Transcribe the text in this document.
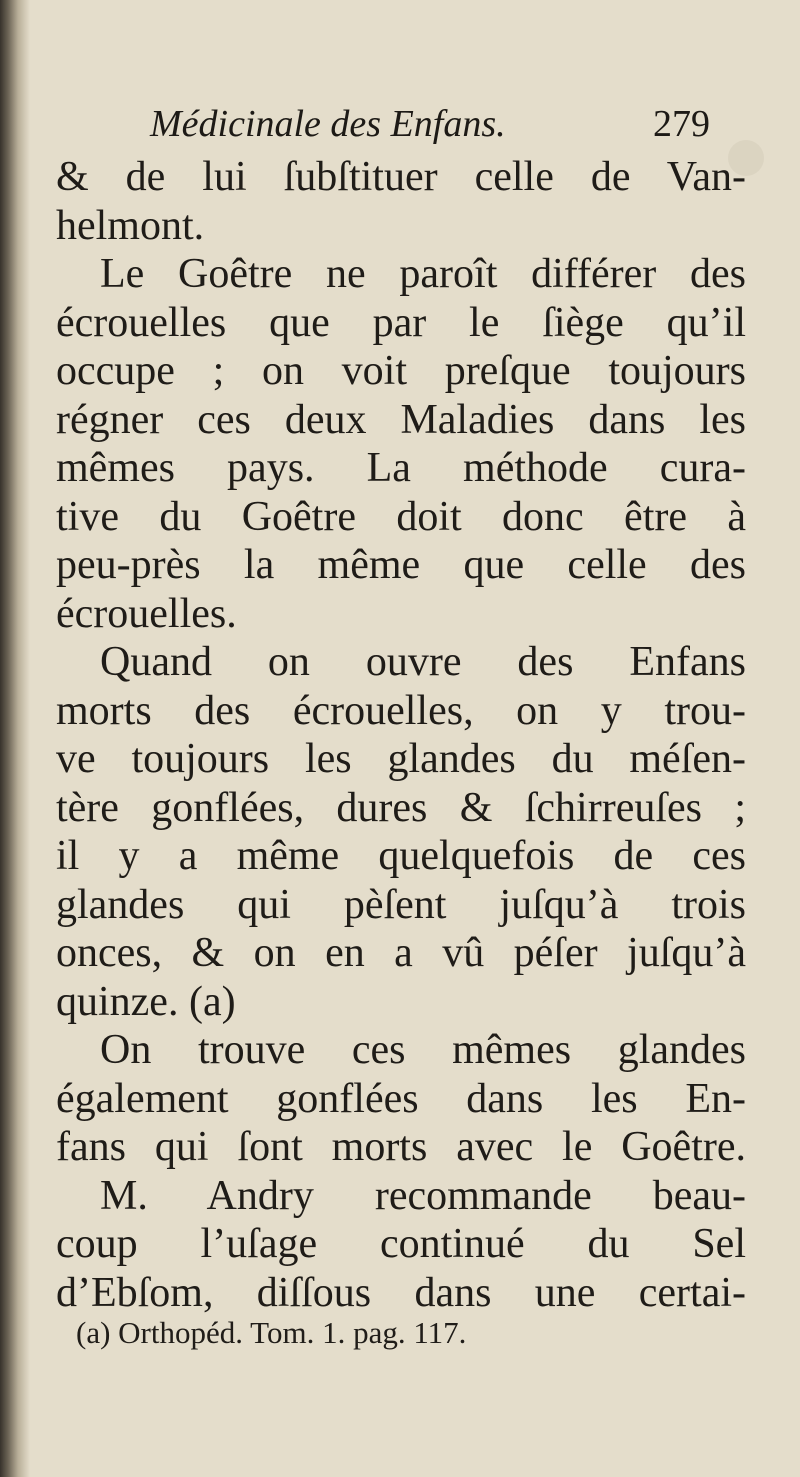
Médicinale des Enfans.	279
& de lui ſubſtituer celle de Van-
helmont.
Le Goêtre ne paroît différer des
écrouelles que par le ſiège qu’il
occupe ; on voit preſque toujours
régner ces deux Maladies dans les
mêmes pays. La méthode cura-
tive du Goêtre doit donc être à
peu-près la même que celle des
écrouelles.
Quand on ouvre des Enfans
morts des écrouelles, on y trou-
ve toujours les glandes du méſen-
tère gonflées, dures & ſchirreuſes ;
il y a même quelquefois de ces
glandes qui pèſent juſqu’à trois
onces, & on en a vû péſer juſqu’à
quinze. (a)
On trouve ces mêmes glandes
également gonflées dans les En-
fans qui ſont morts avec le Goêtre.
M. Andry recommande beau-
coup l’uſage continué du Sel
d’Ebſom, diſſous dans une certai-
(a) Orthopéd. Tom. 1. pag. 117.
